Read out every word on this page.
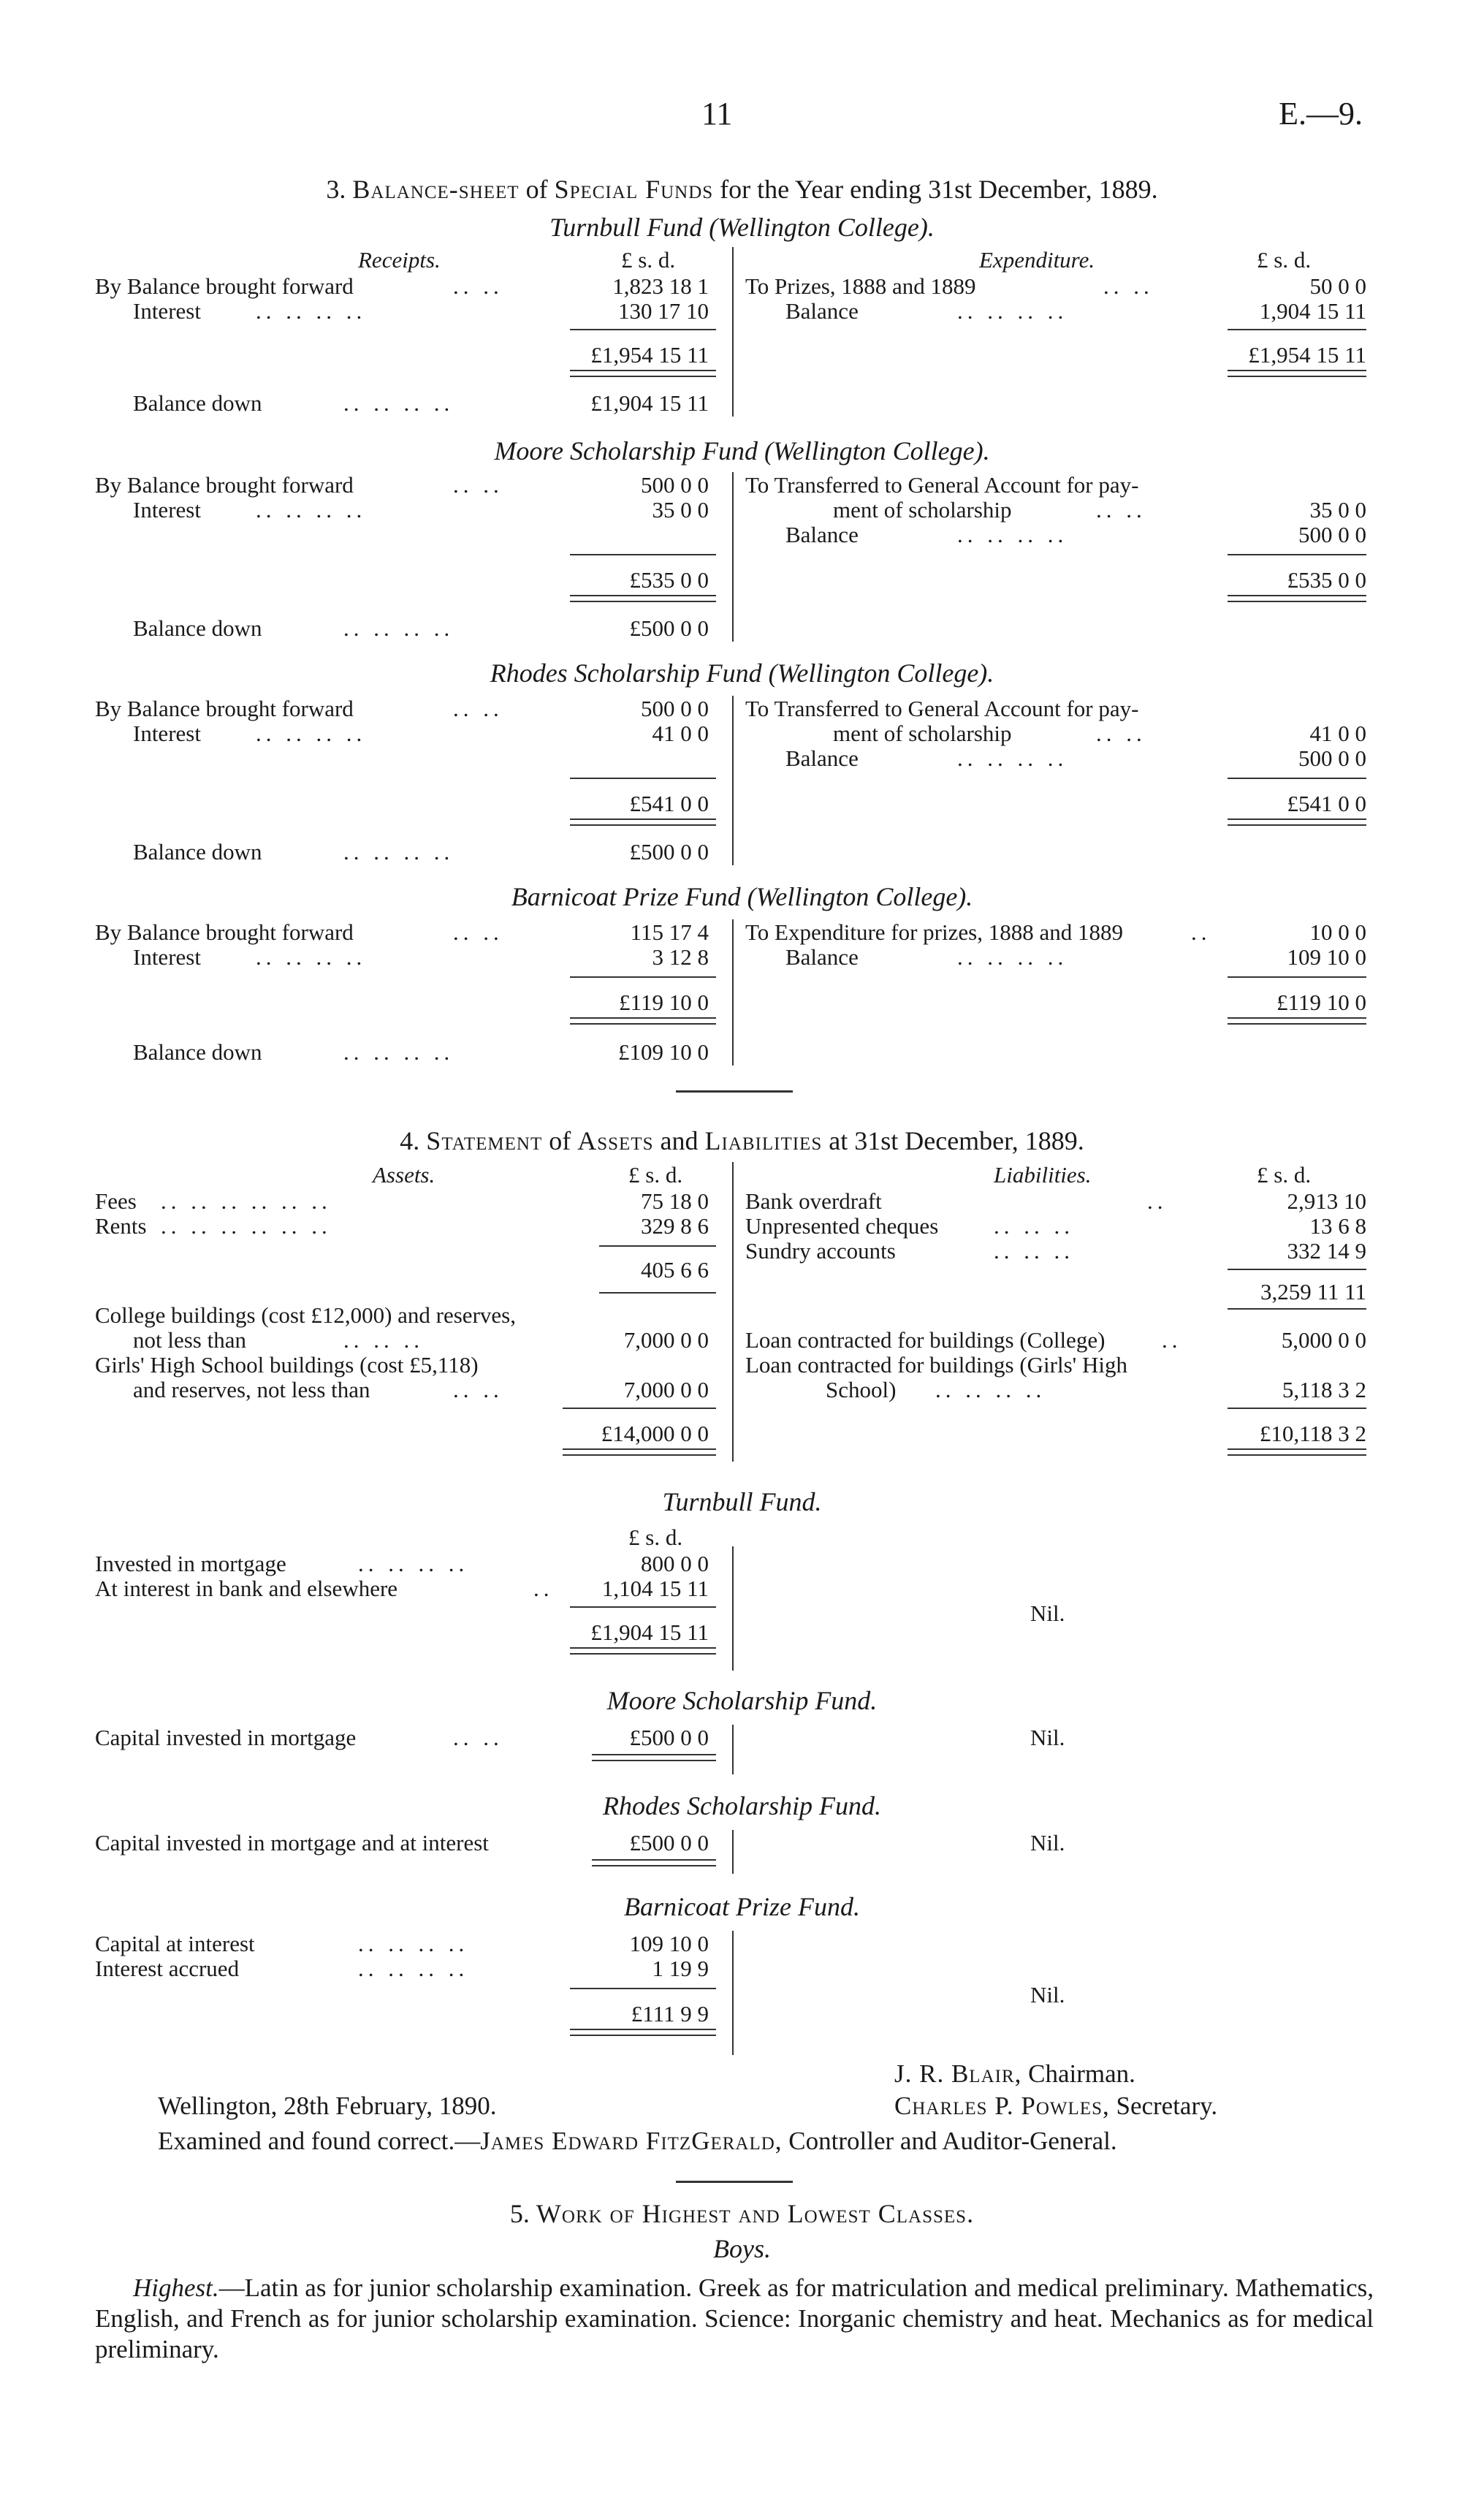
11	E.—9.
3. Balance-sheet of Special Funds for the Year ending 31st December, 1889.
Turnbull Fund (Wellington College).
Receipts.	£ s. d.	Expenditure.	£ s. d.
By Balance brought forward	.. ..	1,823 18 1 To Prizes, 1888 and 1889	.. ..	50 0 0
Interest .. .. .. ..	130 17 10	Balance	.. .. .. ..	1,904 15 11
£1,954 15 11	£1,954 15 11
Balance down	.. .. .. ..	£1,904 15 11
Moore Scholarship Fund (Wellington College).
By Balance brought forward	.. ..	500 0 0 To Transferred to General Account for pay-
Interest .. .. .. ..	35 0 0	ment of scholarship	.. ..	35 0 0
Balance	.. .. .. ..	500 0 0
£535 0 0	£535 0 0
Balance down	.. .. .. ..	£500 0 0
Rhodes Scholarship Fund (Wellington College).
By Balance brought forward	.. ..	500 0 0 To Transferred to General Account for pay-
Interest .. .. .. ..	41 0 0	ment of scholarship	.. ..	41 0 0
Balance	.. .. .. ..	500 0 0
£541 0 0	£541 0 0
Balance down	.. .. .. ..	£500 0 0
Barnicoat Prize Fund (Wellington College).
By Balance brought forward	.. ..	115 17 4 To Expenditure for prizes, 1888 and 1889	..	10 0 0
Interest .. .. .. ..	3 12 8	Balance	.. .. .. ..	109 10 0
£119 10 0	£119 10 0
Balance down	.. .. .. ..	£109 10 0
4. Statement of Assets and Liabilities at 31st December, 1889.
Assets.	£ s. d.	Liabilities.	£ s. d.
Fees .. .. .. .. .. ..	75 18 0 Bank overdraft	..	2,913 10
Rents .. .. .. .. .. ..	329 8 6 Unpresented cheques .. .. ..	13 6 8
Sundry accounts	.. .. ..	332 14 9
405 6 6
3,259 11 11
College buildings (cost £12,000) and reserves,
not less than	.. .. ..	7,000 0 0 Loan contracted for buildings (College)	..	5,000 0 0
Girls' High School buildings (cost £5,118)	Loan contracted for buildings (Girls' High
and reserves, not less than	.. ..	7,000 0 0	School) .. .. .. ..	5,118 3 2
£14,000 0 0	£10,118 3 2
Turnbull Fund.
£ s. d.
Invested in mortgage	.. .. .. ..	800 0 0
At interest in bank and elsewhere	..	1,104 15 11
Nil.
£1,904 15 11
Moore Scholarship Fund.
Capital invested in mortgage	.. ..	£500 0 0	Nil.
Rhodes Scholarship Fund.
Capital invested in mortgage and at interest	£500 0 0	Nil.
Barnicoat Prize Fund.
Capital at interest	.. .. .. ..	109 10 0
Interest accrued	.. .. .. ..	1 19 9
Nil.
£111 9 9
J. R. Blair, Chairman.
Wellington, 28th February, 1890.	Charles P. Powles, Secretary.
Examined and found correct.—James Edward FitzGerald, Controller and Auditor-General.
5. Work of Highest and Lowest Classes.
Boys.
Highest.—Latin as for junior scholarship examination. Greek as for matriculation and medical preliminary. Mathematics, English, and French as for junior scholarship examination. Science: Inorganic chemistry and heat. Mechanics as for medical preliminary.
